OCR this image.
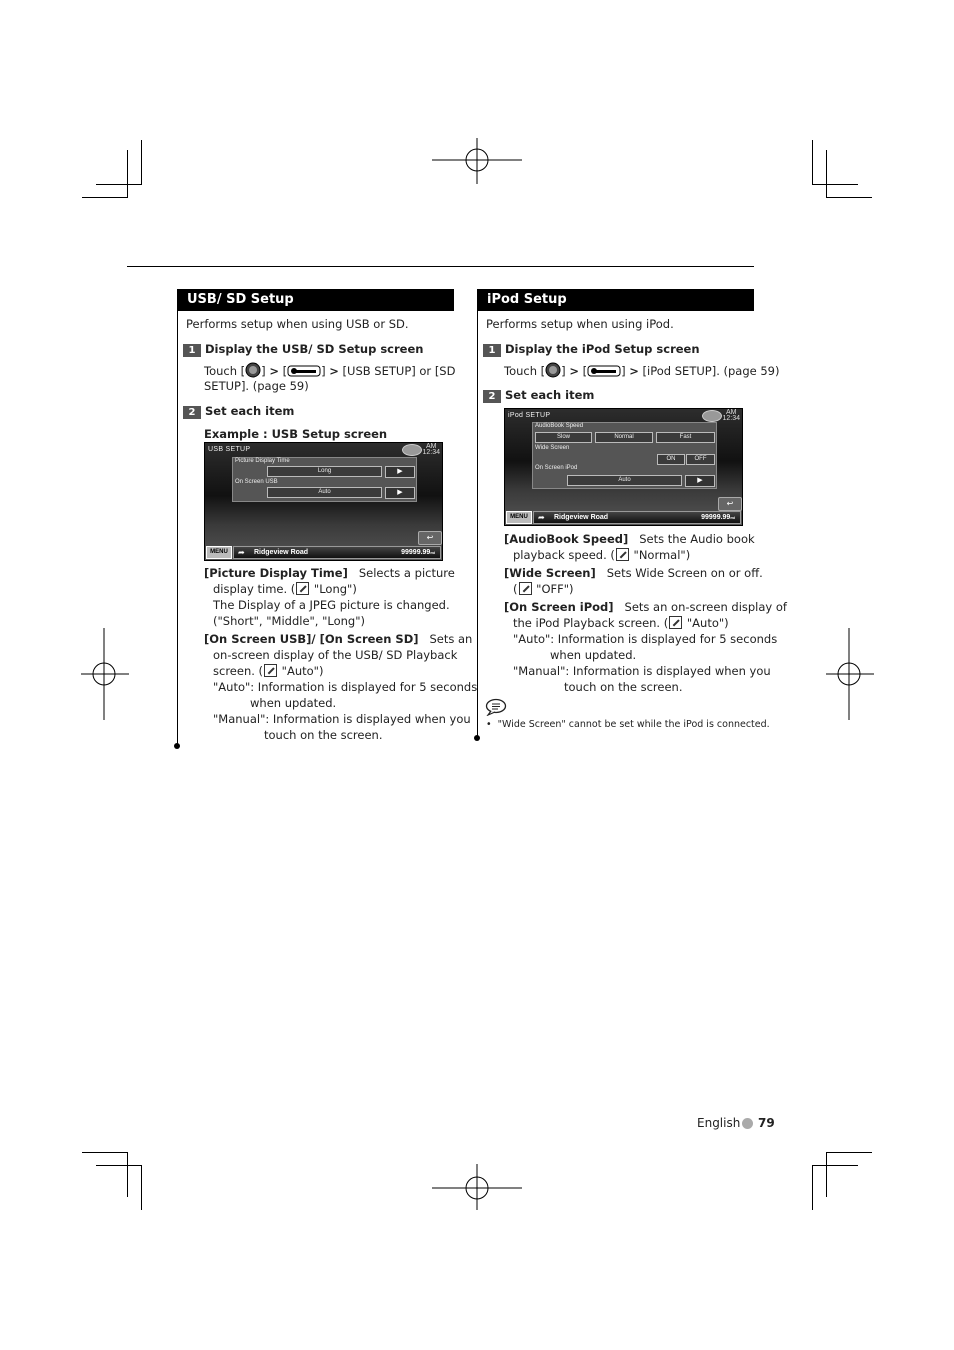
USB/ SD Setup
Performs setup when using USB or SD.
1 Display the USB/ SD Setup screen
Touch [ ] > [	] > [USB SETUP] or [SD
SETUP]. (page 59)
2 Set each item
Example : USB Setup screen
USB SETUP	AM
12:34
Picture Display Time
Long	▶
On Screen USB
Auto	▶
↩
MENU	➦ Ridgeview Road	99999.99mi
[Picture Display Time] Selects a picture
display time. ( "Long")
The Display of a JPEG picture is changed.
("Short", "Middle", "Long")
[On Screen USB]/ [On Screen SD] Sets an
on-screen display of the USB/ SD Playback
screen. ( "Auto")
"Auto": Information is displayed for 5 seconds
when updated.
"Manual": Information is displayed when you
touch on the screen.
iPod Setup
Performs setup when using iPod.
1 Display the iPod Setup screen
Touch [ ] > [	] > [iPod SETUP]. (page 59)
2 Set each item
iPod SETUP	AM
12:34
AudioBook Speed
Slow	Normal	Fast
Wide Screen
ON	OFF
On Screen iPod
Auto	▶
↩
MENU	➦ Ridgeview Road	99999.99mi
[AudioBook Speed] Sets the Audio book
playback speed. ( "Normal")
[Wide Screen] Sets Wide Screen on or off.
( "OFF")
[On Screen iPod] Sets an on-screen display of
the iPod Playback screen. ( "Auto")
"Auto": Information is displayed for 5 seconds
when updated.
"Manual": Information is displayed when you
touch on the screen.
•  "Wide Screen" cannot be set while the iPod is connected.
English 79
